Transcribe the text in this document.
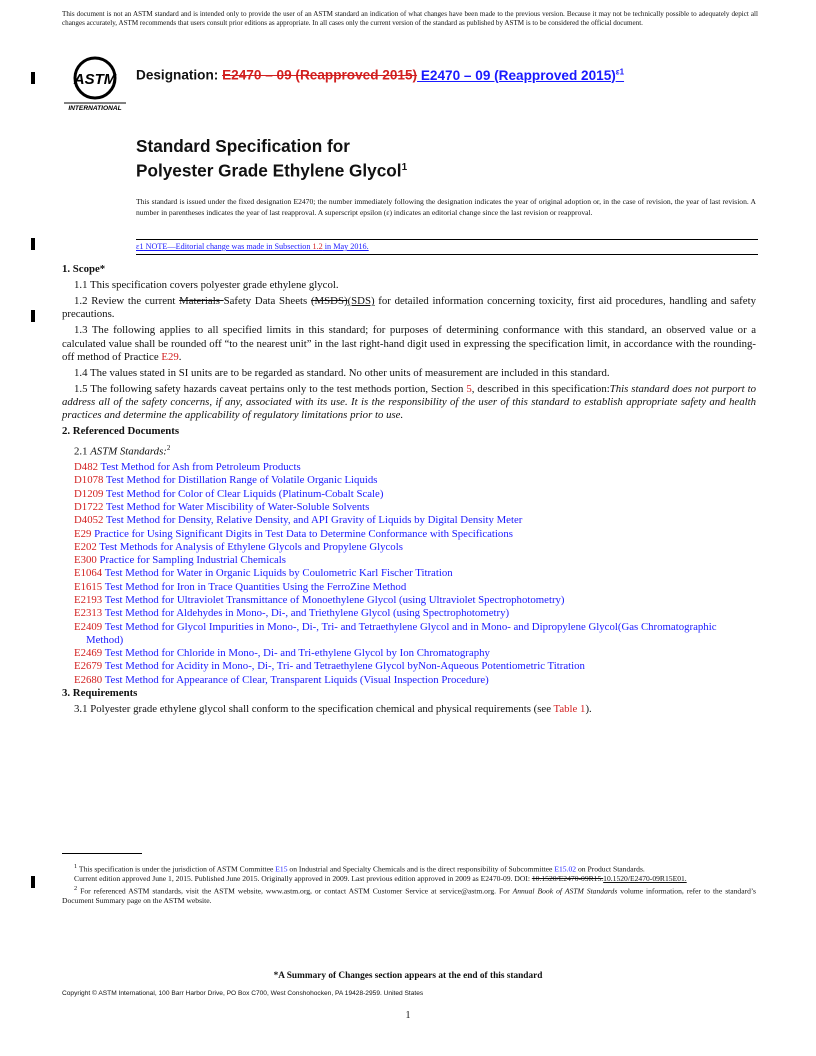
This document is not an ASTM standard and is intended only to provide the user of an ASTM standard an indication of what changes have been made to the previous version. Because it may not be technically possible to adequately depict all changes accurately, ASTM recommends that users consult prior editions as appropriate. In all cases only the current version of the standard as published by ASTM is to be considered the official document.

ASTM
INTERNATIONAL
Designation: E2470 – 09 (Reapproved 2015) E2470 – 09 (Reapproved 2015)$^{\varepsilon 1}$
Standard Specification for
Polyester Grade Ethylene Glycol$^1$

This standard is issued under the fixed designation E2470; the number immediately following the designation indicates the year of original adoption or, in the case of revision, the year of last revision. A number in parentheses indicates the year of last reapproval. A superscript epsilon (ε) indicates an editorial change since the last revision or reapproval.

ε1 NOTE—Editorial change was made in Subsection 1.2 in May 2016.
1. Scope*

1.1 This specification covers polyester grade ethylene glycol.

1.2 Review the current Materials Safety Data Sheets (MSDS)(SDS) for detailed information concerning toxicity, first aid procedures, handling and safety precautions.

1.3 The following applies to all specified limits in this standard; for purposes of determining conformance with this standard, an observed value or a calculated value shall be rounded off “to the nearest unit” in the last right-hand digit used in expressing the specification limit, in accordance with the rounding-off method of Practice E29.

1.4 The values stated in SI units are to be regarded as standard. No other units of measurement are included in this standard.

1.5 The following safety hazards caveat pertains only to the test methods portion, Section 5, described in this specification:This standard does not purport to address all of the safety concerns, if any, associated with its use. It is the responsibility of the user of this standard to establish appropriate safety and health practices and determine the applicability of regulatory limitations prior to use.

2. Referenced Documents

2.1 ASTM Standards:$^2$

D482 Test Method for Ash from Petroleum Products
D1078 Test Method for Distillation Range of Volatile Organic Liquids
D1209 Test Method for Color of Clear Liquids (Platinum-Cobalt Scale)
D1722 Test Method for Water Miscibility of Water-Soluble Solvents
D4052 Test Method for Density, Relative Density, and API Gravity of Liquids by Digital Density Meter
E29 Practice for Using Significant Digits in Test Data to Determine Conformance with Specifications
E202 Test Methods for Analysis of Ethylene Glycols and Propylene Glycols
E300 Practice for Sampling Industrial Chemicals
E1064 Test Method for Water in Organic Liquids by Coulometric Karl Fischer Titration
E1615 Test Method for Iron in Trace Quantities Using the FerroZine Method
E2193 Test Method for Ultraviolet Transmittance of Monoethylene Glycol (using Ultraviolet Spectrophotometry)
E2313 Test Method for Aldehydes in Mono-, Di-, and Triethylene Glycol (using Spectrophotometry)
E2409 Test Method for Glycol Impurities in Mono-, Di-, Tri- and Tetraethylene Glycol and in Mono- and Dipropylene Glycol(Gas Chromatographic Method)
E2469 Test Method for Chloride in Mono-, Di- and Tri-ethylene Glycol by Ion Chromatography
E2679 Test Method for Acidity in Mono-, Di-, Tri- and Tetraethylene Glycol byNon-Aqueous Potentiometric Titration
E2680 Test Method for Appearance of Clear, Transparent Liquids (Visual Inspection Procedure)
3. Requirements

3.1 Polyester grade ethylene glycol shall conform to the specification chemical and physical requirements (see Table 1).

$^1$ This specification is under the jurisdiction of ASTM Committee E15 on Industrial and Specialty Chemicals and is the direct responsibility of Subcommittee E15.02 on Product Standards.

Current edition approved June 1, 2015. Published June 2015. Originally approved in 2009. Last previous edition approved in 2009 as E2470-09. DOI: 10.1520/E2470-09R15.10.1520/E2470-09R15E01.

$^2$ For referenced ASTM standards, visit the ASTM website, www.astm.org, or contact ASTM Customer Service at service@astm.org. For Annual Book of ASTM Standards volume information, refer to the standard’s Document Summary page on the ASTM website.

*A Summary of Changes section appears at the end of this standard
Copyright © ASTM International, 100 Barr Harbor Drive, PO Box C700, West Conshohocken, PA 19428-2959. United States
1
